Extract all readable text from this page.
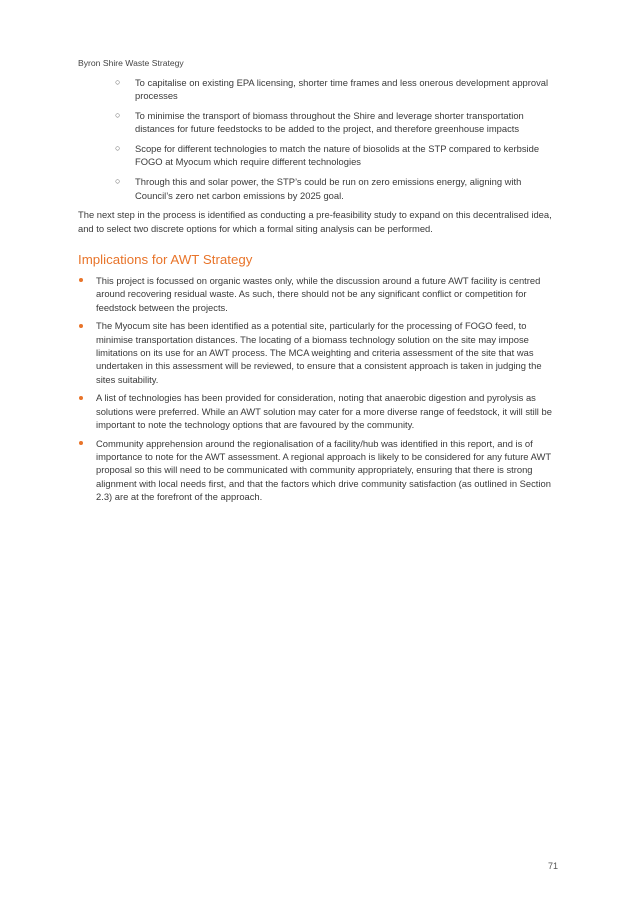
Byron Shire Waste Strategy
○ To capitalise on existing EPA licensing, shorter time frames and less onerous development approval processes
○ To minimise the transport of biomass throughout the Shire and leverage shorter transportation distances for future feedstocks to be added to the project, and therefore greenhouse impacts
○ Scope for different technologies to match the nature of biosolids at the STP compared to kerbside FOGO at Myocum which require different technologies
○ Through this and solar power, the STP’s could be run on zero emissions energy, aligning with Council’s zero net carbon emissions by 2025 goal.

The next step in the process is identified as conducting a pre-feasibility study to expand on this decentralised idea, and to select two discrete options for which a formal siting analysis can be performed.

Implications for AWT Strategy
This project is focussed on organic wastes only, while the discussion around a future AWT facility is centred around recovering residual waste. As such, there should not be any significant conflict or competition for feedstock between the projects.
The Myocum site has been identified as a potential site, particularly for the processing of FOGO feed, to minimise transportation distances. The locating of a biomass technology solution on the site may impose limitations on its use for an AWT process. The MCA weighting and criteria assessment of the site that was undertaken in this assessment will be reviewed, to ensure that a consistent approach is taken in judging the sites suitability.
A list of technologies has been provided for consideration, noting that anaerobic digestion and pyrolysis as solutions were preferred. While an AWT solution may cater for a more diverse range of feedstock, it will still be important to note the technology options that are favoured by the community.
Community apprehension around the regionalisation of a facility/hub was identified in this report, and is of importance to note for the AWT assessment. A regional approach is likely to be considered for any future AWT proposal so this will need to be communicated with community appropriately, ensuring that there is strong alignment with local needs first, and that the factors which drive community satisfaction (as outlined in Section 2.3) are at the forefront of the approach.
71
